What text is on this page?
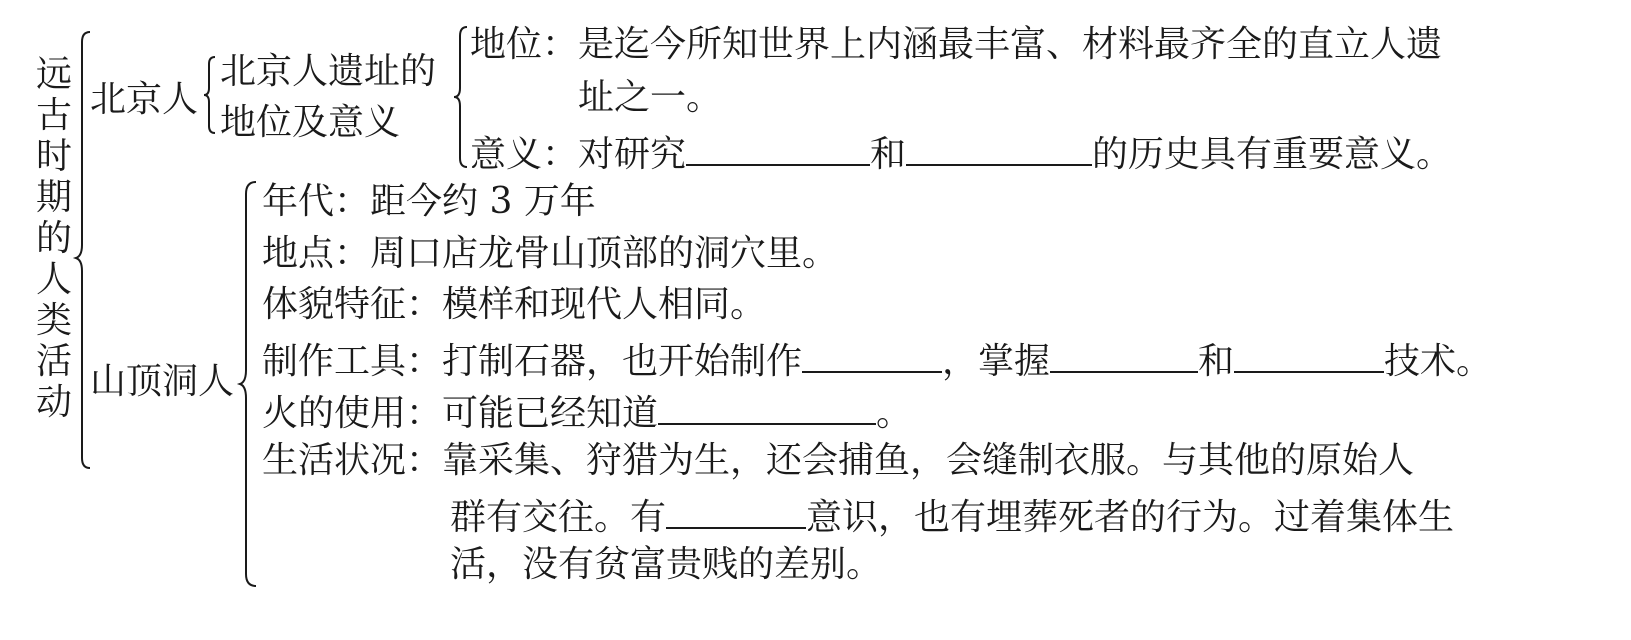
远
古
时
期
的
人
类
活
动
北京人
北京人遗址的
地位及意义
地位：是迄今所知世界上内涵最丰富、材料最齐全的直立人遗
址之一。
意义：对研究	和	的历史具有重要意义。
山顶洞人
年代：距今约 3 万年
地点：周口店龙骨山顶部的洞穴里。
体貌特征：模样和现代人相同。
制作工具：打制石器，也开始制作	，掌握	和	技术。
火的使用：可能已经知道	。
生活状况：靠采集、狩猎为生，还会捕鱼，会缝制衣服。与其他的原始人
群有交往。有	意识，也有埋葬死者的行为。过着集体生
活，没有贫富贵贱的差别。
